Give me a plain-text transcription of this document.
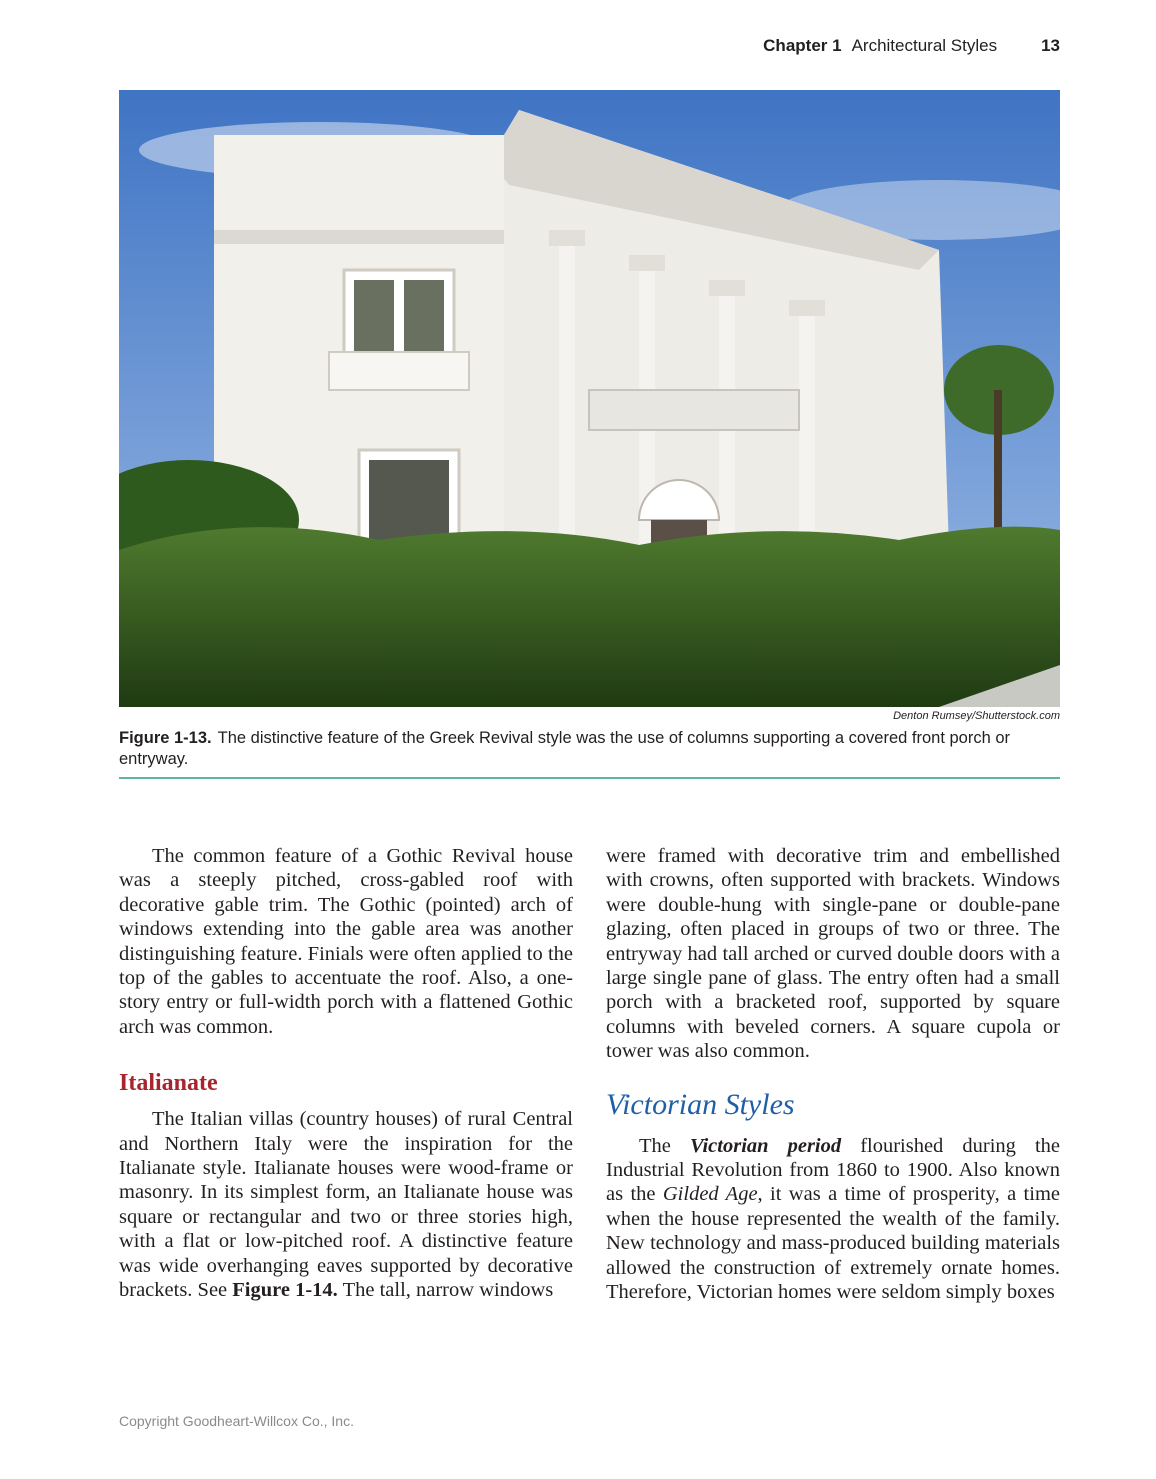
Chapter 1 Architectural Styles	13
Denton Rumsey/Shutterstock.com
Figure 1-13. The distinctive feature of the Greek Revival style was the use of columns supporting a covered front porch or entryway.

The common feature of a Gothic Revival house was a steeply pitched, cross-gabled roof with decorative gable trim. The Gothic (pointed) arch of windows extending into the gable area was another distinguishing feature. Finials were often applied to the top of the gables to accentuate the roof. Also, a one-story entry or full-width porch with a flattened Gothic arch was common.

Italianate

The Italian villas (country houses) of rural Central and Northern Italy were the inspiration for the Italianate style. Italianate houses were wood-frame or masonry. In its simplest form, an Italianate house was square or rectangular and two or three stories high, with a flat or low-pitched roof. A distinctive feature was wide overhanging eaves supported by decorative brackets. See Figure 1-14. The tall, narrow windows

were framed with decorative trim and embellished with crowns, often supported with brackets. Windows were double-hung with single-pane or double-pane glazing, often placed in groups of two or three. The entryway had tall arched or curved double doors with a large single pane of glass. The entry often had a small porch with a bracketed roof, supported by square columns with beveled corners. A square cupola or tower was also common.

Victorian Styles

The Victorian period flourished during the Industrial Revolution from 1860 to 1900. Also known as the Gilded Age, it was a time of prosperity, a time when the house represented the wealth of the family. New technology and mass-produced building materials allowed the construction of extremely ornate homes. Therefore, Victorian homes were seldom simply boxes

Copyright Goodheart-Willcox Co., Inc.
